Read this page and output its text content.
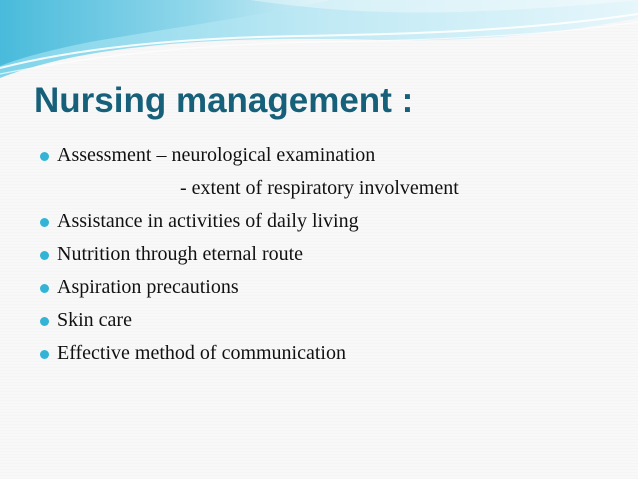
Nursing management :
Assessment – neurological examination
- extent of respiratory involvement
Assistance in activities of daily living
Nutrition through eternal route
Aspiration precautions
Skin care
Effective method of communication
